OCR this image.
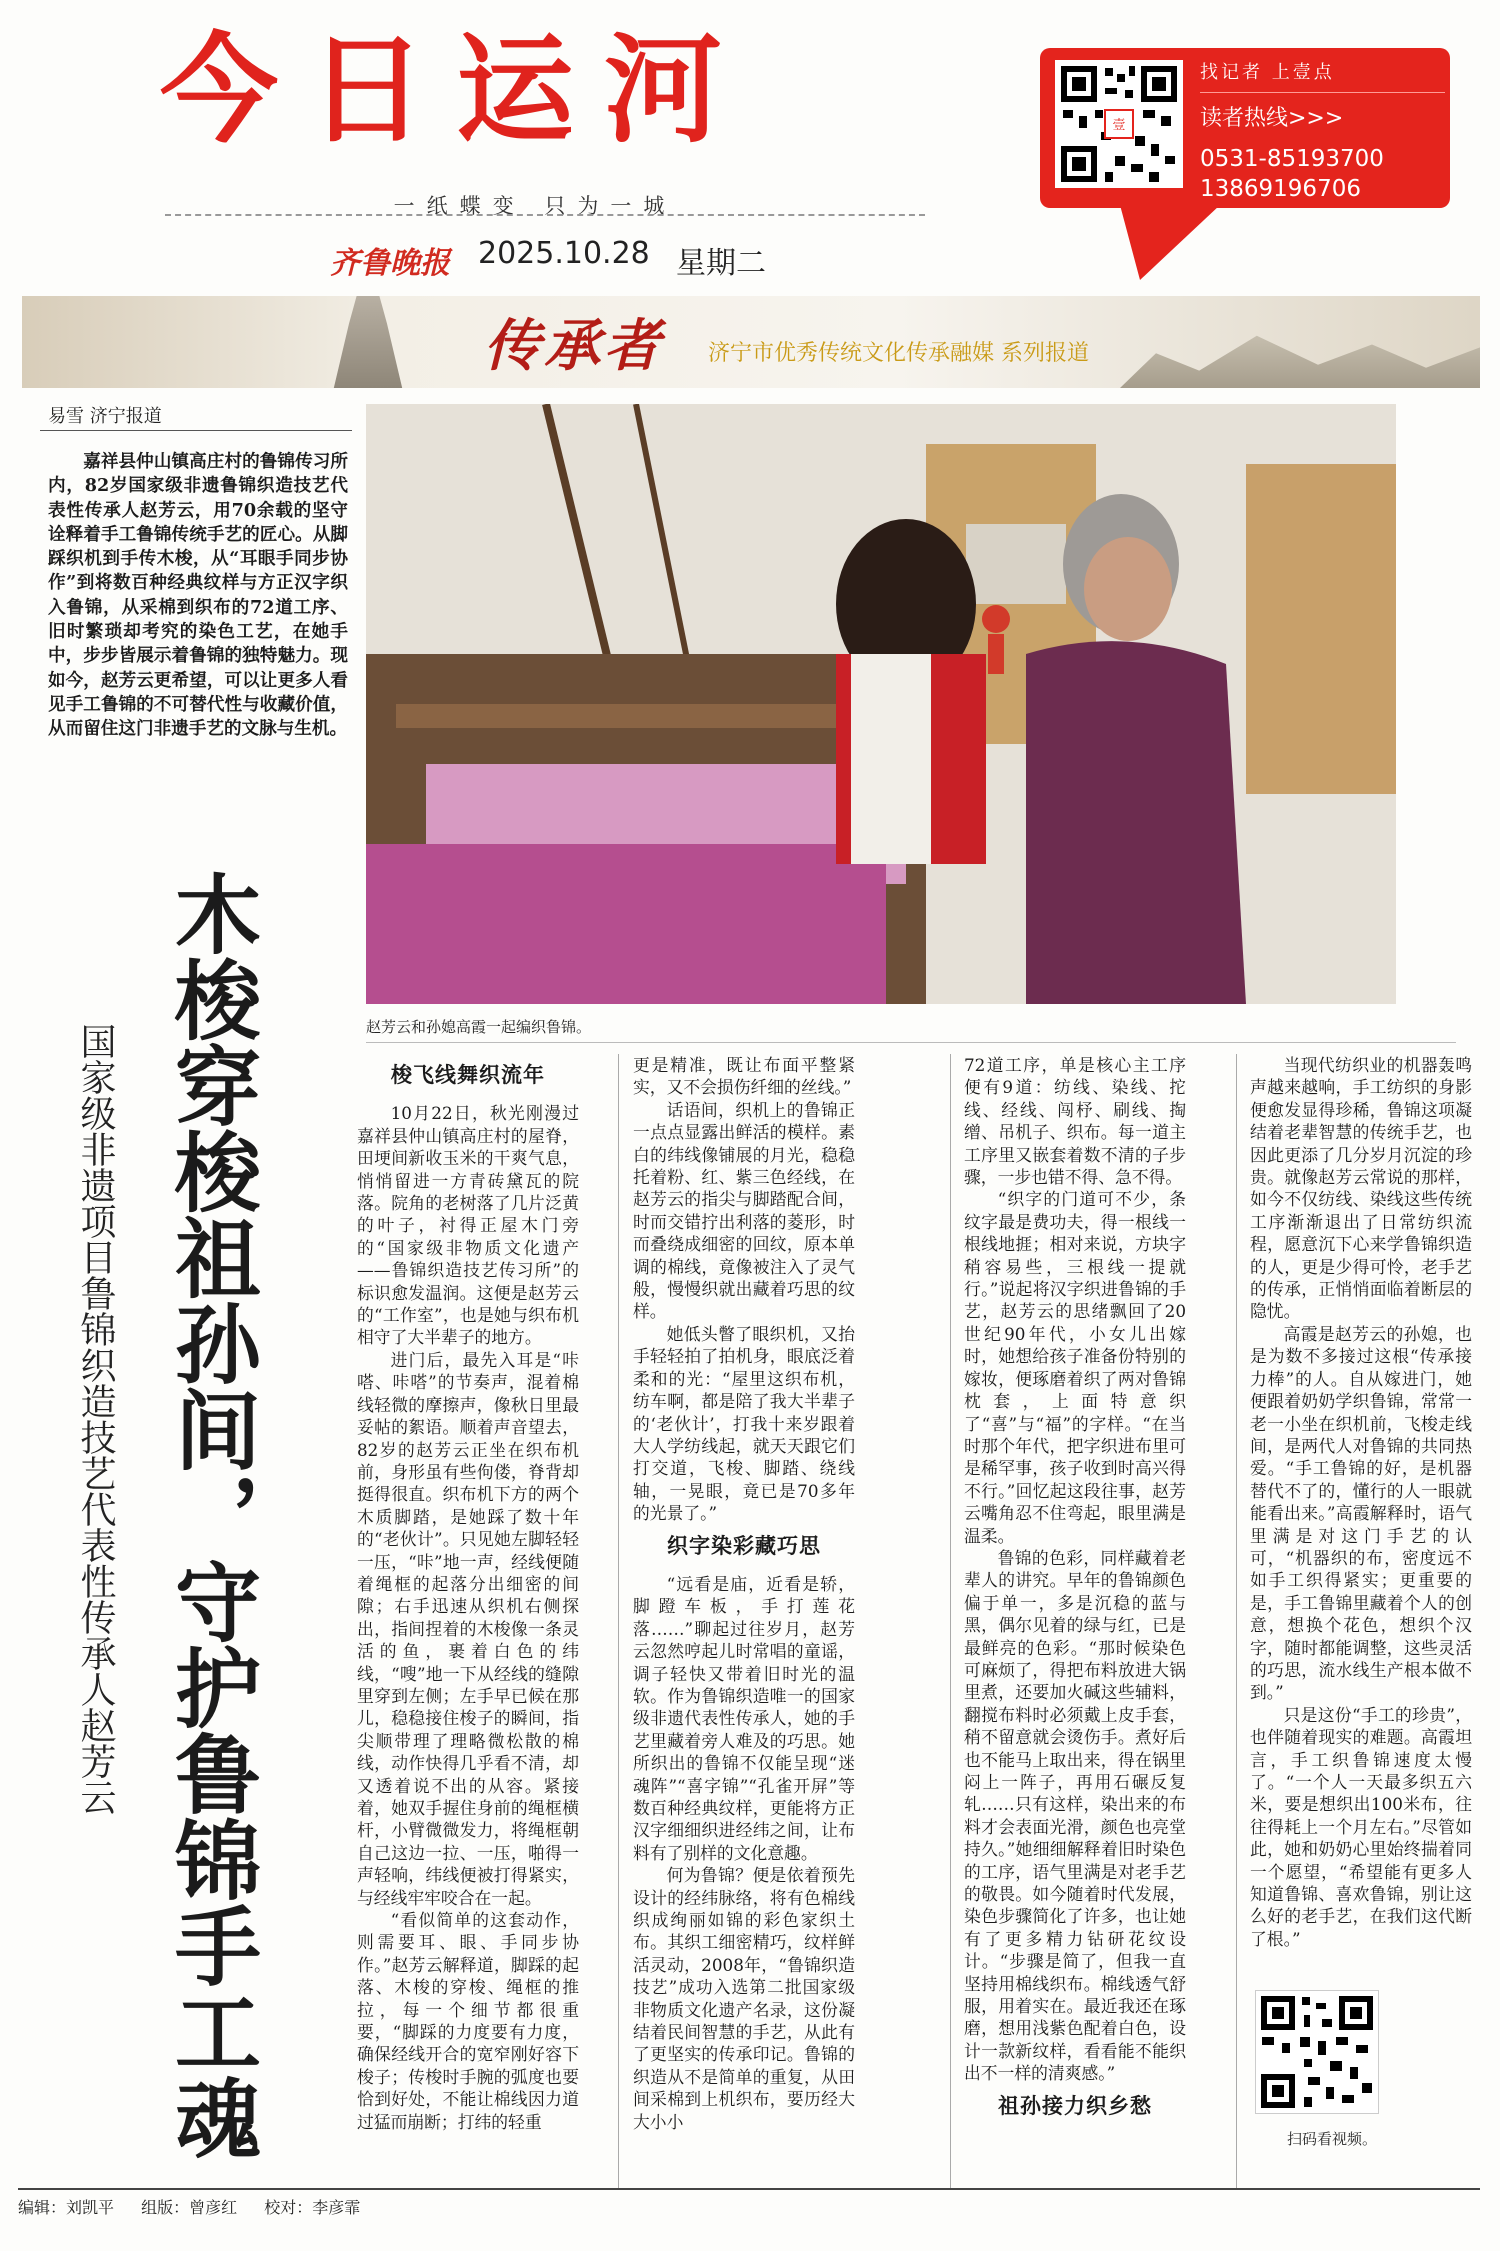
今日运河
一纸蝶变 只为一城
齐鲁晚报 2025.10.28 星期二
壹
找记者 上壹点
读者热线>>>
0531-85193700
13869196706
传承者 济宁市优秀传统文化传承融媒 系列报道
易雪 济宁报道

嘉祥县仲山镇高庄村的鲁锦传习所内，82岁国家级非遗鲁锦织造技艺代表性传承人赵芳云，用70余载的坚守诠释着手工鲁锦传统手艺的匠心。从脚踩织机到手传木梭，从“耳眼手同步协作”到将数百种经典纹样与方正汉字织入鲁锦，从采棉到织布的72道工序、旧时繁琐却考究的染色工艺，在她手中，步步皆展示着鲁锦的独特魅力。现如今，赵芳云更希望，可以让更多人看见手工鲁锦的不可替代性与收藏价值，从而留住这门非遗手艺的文脉与生机。

木梭穿梭祖孙间，守护鲁锦手工魂
国家级非遗项目鲁锦织造技艺代表性传承人赵芳云	赵芳云和孙媳高霞一起编织鲁锦。
梭飞线舞织流年

10月22日，秋光刚漫过嘉祥县仲山镇高庄村的屋脊，田埂间新收玉米的干爽气息，悄悄留进一方青砖黛瓦的院落。院角的老树落了几片泛黄的叶子，衬得正屋木门旁的“国家级非物质文化遗产——鲁锦织造技艺传习所”的标识愈发温润。这便是赵芳云的“工作室”，也是她与织布机相守了大半辈子的地方。

进门后，最先入耳是“咔嗒、咔嗒”的节奏声，混着棉线轻微的摩擦声，像秋日里最妥帖的絮语。顺着声音望去，82岁的赵芳云正坐在织布机前，身形虽有些佝偻，脊背却挺得很直。织布机下方的两个木质脚踏，是她踩了数十年的“老伙计”。只见她左脚轻轻一压，“咔”地一声，经线便随着绳框的起落分出细密的间隙；右手迅速从织机右侧探出，指间捏着的木梭像一条灵活的鱼，裹着白色的纬线，“嗖”地一下从经线的缝隙里穿到左侧；左手早已候在那儿，稳稳接住梭子的瞬间，指尖顺带理了理略微松散的棉线，动作快得几乎看不清，却又透着说不出的从容。紧接着，她双手握住身前的绳框横杆，小臂微微发力，将绳框朝自己这边一拉、一压，啪得一声轻响，纬线便被打得紧实，与经线牢牢咬合在一起。

“看似简单的这套动作，则需要耳、眼、手同步协作。”赵芳云解释道，脚踩的起落、木梭的穿梭、绳框的推拉，每一个细节都很重要，“脚踩的力度要有力度，确保经线开合的宽窄刚好容下梭子；传梭时手腕的弧度也要恰到好处，不能让棉线因力道过猛而崩断；打纬的轻重

更是精准，既让布面平整紧实，又不会损伤纤细的丝线。”

话语间，织机上的鲁锦正一点点显露出鲜活的模样。素白的纬线像铺展的月光，稳稳托着粉、红、紫三色经线，在赵芳云的指尖与脚踏配合间，时而交错拧出利落的菱形，时而叠绕成细密的回纹，原本单调的棉线，竟像被注入了灵气般，慢慢织就出藏着巧思的纹样。

她低头瞥了眼织机，又抬手轻轻拍了拍机身，眼底泛着柔和的光：“屋里这织布机，纺车啊，都是陪了我大半辈子的‘老伙计’，打我十来岁跟着大人学纺线起，就天天跟它们打交道，飞梭、脚踏、绕线轴，一晃眼，竟已是70多年的光景了。”

织字染彩藏巧思

“远看是庙，近看是轿，脚蹬车板，手打莲花落……”聊起过往岁月，赵芳云忽然哼起儿时常唱的童谣，调子轻快又带着旧时光的温软。作为鲁锦织造唯一的国家级非遗代表性传承人，她的手艺里藏着旁人难及的巧思。她所织出的鲁锦不仅能呈现“迷魂阵”“喜字锦”“孔雀开屏”等数百种经典纹样，更能将方正汉字细细织进经纬之间，让布料有了别样的文化意趣。

何为鲁锦？便是依着预先设计的经纬脉络，将有色棉线织成绚丽如锦的彩色家织土布。其织工细密精巧，纹样鲜活灵动，2008年，“鲁锦织造技艺”成功入选第二批国家级非物质文化遗产名录，这份凝结着民间智慧的手艺，从此有了更坚实的传承印记。鲁锦的织造从不是简单的重复，从田间采棉到上机织布，要历经大大小小

72道工序，单是核心主工序便有9道：纺线、染线、拕线、经线、闯杼、刷线、掏缯、吊机子、织布。每一道主工序里又嵌套着数不清的子步骤，一步也错不得、急不得。

“织字的门道可不少，条纹字最是费功夫，得一根线一根线地捱；相对来说，方块字稍容易些，三根线一提就行。”说起将汉字织进鲁锦的手艺，赵芳云的思绪飘回了20世纪90年代，小女儿出嫁时，她想给孩子准备份特别的嫁妆，便琢磨着织了两对鲁锦枕套，上面特意织了“喜”与“福”的字样。“在当时那个年代，把字织进布里可是稀罕事，孩子收到时高兴得不行。”回忆起这段往事，赵芳云嘴角忍不住弯起，眼里满是温柔。

鲁锦的色彩，同样藏着老辈人的讲究。早年的鲁锦颜色偏于单一，多是沉稳的蓝与黑，偶尔见着的绿与红，已是最鲜亮的色彩。“那时候染色可麻烦了，得把布料放进大锅里煮，还要加火碱这些辅料，翻搅布料时必须戴上皮手套，稍不留意就会烫伤手。煮好后也不能马上取出来，得在锅里闷上一阵子，再用石碾反复轧……只有这样，染出来的布料才会表面光滑，颜色也亮堂持久。”她细细解释着旧时染色的工序，语气里满是对老手艺的敬畏。如今随着时代发展，染色步骤简化了许多，也让她有了更多精力钻研花纹设计。“步骤是简了，但我一直坚持用棉线织布。棉线透气舒服，用着实在。最近我还在琢磨，想用浅紫色配着白色，设计一款新纹样，看看能不能织出不一样的清爽感。”

祖孙接力织乡愁

当现代纺织业的机器轰鸣声越来越响，手工纺织的身影便愈发显得珍稀，鲁锦这项凝结着老辈智慧的传统手艺，也因此更添了几分岁月沉淀的珍贵。就像赵芳云常说的那样，如今不仅纺线、染线这些传统工序渐渐退出了日常纺织流程，愿意沉下心来学鲁锦织造的人，更是少得可怜，老手艺的传承，正悄悄面临着断层的隐忧。

高霞是赵芳云的孙媳，也是为数不多接过这根“传承接力棒”的人。自从嫁进门，她便跟着奶奶学织鲁锦，常常一老一小坐在织机前，飞梭走线间，是两代人对鲁锦的共同热爱。“手工鲁锦的好，是机器替代不了的，懂行的人一眼就能看出来。”高霞解释时，语气里满是对这门手艺的认可，“机器织的布，密度远不如手工织得紧实；更重要的是，手工鲁锦里藏着个人的创意，想换个花色，想织个汉字，随时都能调整，这些灵活的巧思，流水线生产根本做不到。”

只是这份“手工的珍贵”，也伴随着现实的难题。高霞坦言，手工织鲁锦速度太慢了。“一个人一天最多织五六米，要是想织出100米布，往往得耗上一个月左右。”尽管如此，她和奶奶心里始终揣着同一个愿望，“希望能有更多人知道鲁锦、喜欢鲁锦，别让这么好的老手艺，在我们这代断了根。”

扫码看视频。
编辑：刘凯平 组版：曾彦红 校对：李彦霏
